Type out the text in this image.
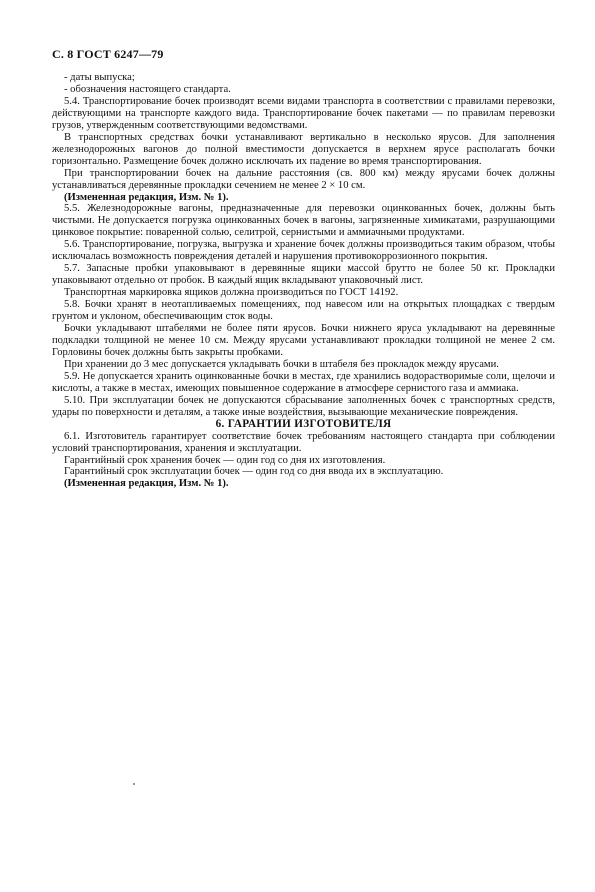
С. 8 ГОСТ 6247—79

- даты выпуска;

- обозначения настоящего стандарта.

5.4. Транспортирование бочек производят всеми видами транспорта в соответствии с правилами перевозки, действующими на транспорте каждого вида. Транспортирование бочек пакетами — по правилам перевозки грузов, утвержденным соответствующими ведомствами.

В транспортных средствах бочки устанавливают вертикально в несколько ярусов. Для заполнения железнодорожных вагонов до полной вместимости допускается в верхнем ярусе располагать бочки горизонтально. Размещение бочек должно исключать их падение во время транспортирования.

При транспортировании бочек на дальние расстояния (св. 800 км) между ярусами бочек должны устанавливаться деревянные прокладки сечением не менее 2 × 10 см.

(Измененная редакция, Изм. № 1).

5.5. Железнодорожные вагоны, предназначенные для перевозки оцинкованных бочек, должны быть чистыми. Не допускается погрузка оцинкованных бочек в вагоны, загрязненные химикатами, разрушающими цинковое покрытие: поваренной солью, селитрой, сернистыми и аммиачными продуктами.

5.6. Транспортирование, погрузка, выгрузка и хранение бочек должны производиться таким образом, чтобы исключалась возможность повреждения деталей и нарушения противокоррозионного покрытия.

5.7. Запасные пробки упаковывают в деревянные ящики массой брутто не более 50 кг. Прокладки упаковывают отдельно от пробок. В каждый ящик вкладывают упаковочный лист.

Транспортная маркировка ящиков должна производиться по ГОСТ 14192.

5.8. Бочки хранят в неотапливаемых помещениях, под навесом или на открытых площадках с твердым грунтом и уклоном, обеспечивающим сток воды.

Бочки укладывают штабелями не более пяти ярусов. Бочки нижнего яруса укладывают на деревянные подкладки толщиной не менее 10 см. Между ярусами устанавливают прокладки толщиной не менее 2 см. Горловины бочек должны быть закрыты пробками.

При хранении до 3 мес допускается укладывать бочки в штабеля без прокладок между ярусами.

5.9. Не допускается хранить оцинкованные бочки в местах, где хранились водорастворимые соли, щелочи и кислоты, а также в местах, имеющих повышенное содержание в атмосфере сернистого газа и аммиака.

5.10. При эксплуатации бочек не допускаются сбрасывание заполненных бочек с транспортных средств, удары по поверхности и деталям, а также иные воздействия, вызывающие механические повреждения.

6. ГАРАНТИИ ИЗГОТОВИТЕЛЯ

6.1. Изготовитель гарантирует соответствие бочек требованиям настоящего стандарта при соблюдении условий транспортирования, хранения и эксплуатации.

Гарантийный срок хранения бочек — один год со дня их изготовления.

Гарантийный срок эксплуатации бочек — один год со дня ввода их в эксплуатацию.

(Измененная редакция, Изм. № 1).
